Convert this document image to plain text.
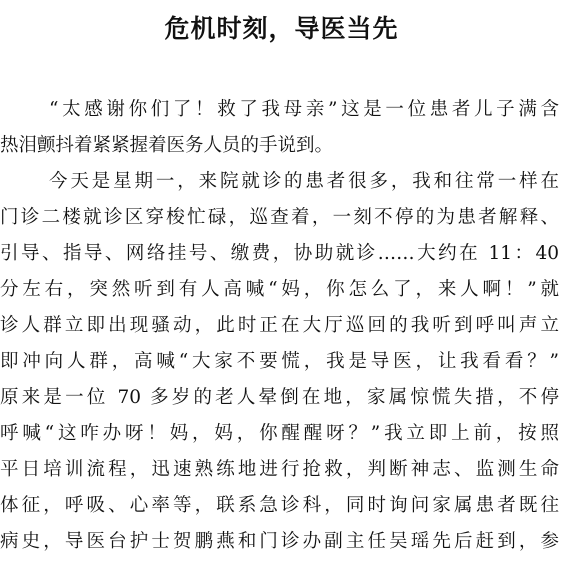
危机时刻，导医当先
“太感谢你们了！救了我母亲”这是一位患者儿子满含
热泪颤抖着紧紧握着医务人员的手说到。
今天是星期一，来院就诊的患者很多，我和往常一样在
门诊二楼就诊区穿梭忙碌，巡查着，一刻不停的为患者解释、
引导、指导、网络挂号、缴费，协助就诊……大约在 11：40
分左右，突然听到有人高喊“妈，你怎么了，来人啊！”就
诊人群立即出现骚动，此时正在大厅巡回的我听到呼叫声立
即冲向人群，高喊“大家不要慌，我是导医，让我看看？”
原来是一位 70 多岁的老人晕倒在地，家属惊慌失措，不停
呼喊“这咋办呀！妈，妈，你醒醒呀？”我立即上前，按照
平日培训流程，迅速熟练地进行抢救，判断神志、监测生命
体征，呼吸、心率等，联系急诊科，同时询问家属患者既往
病史，导医台护士贺鹏燕和门诊办副主任吴瑶先后赶到，参
